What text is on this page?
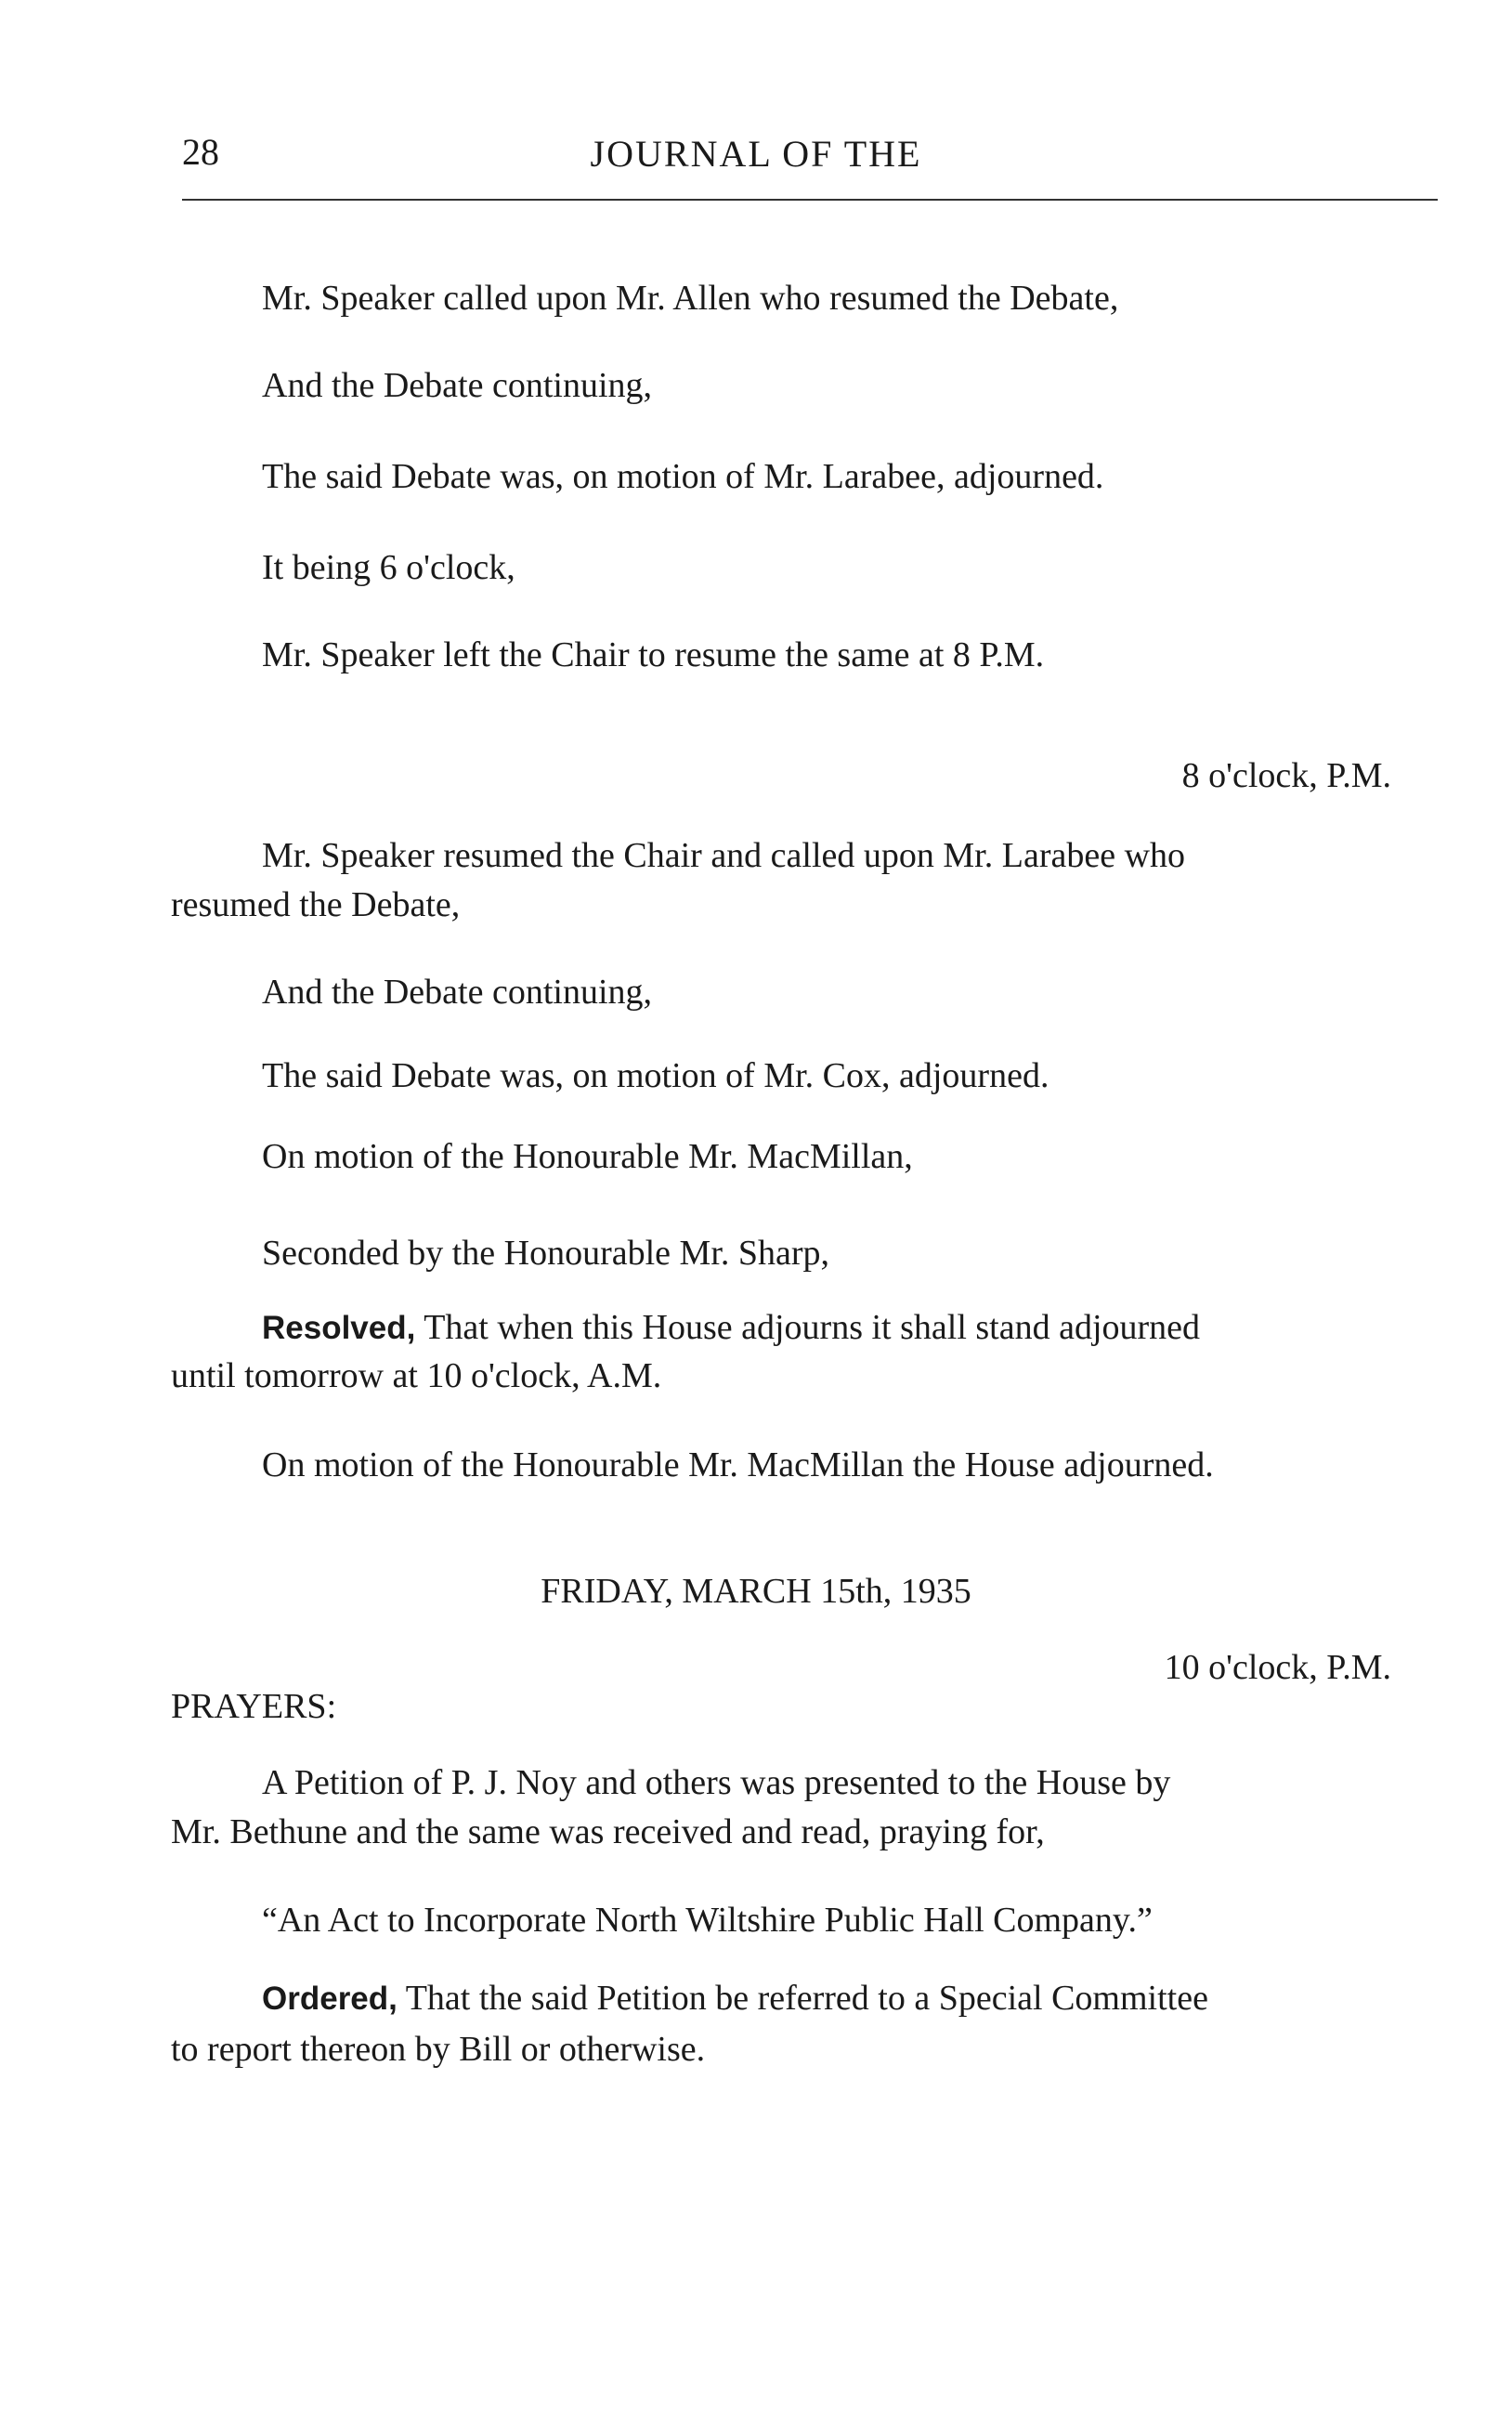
28	JOURNAL OF THE
Mr. Speaker called upon Mr. Allen who resumed the Debate,
And the Debate continuing,
The said Debate was, on motion of Mr. Larabee, adjourned.
It being 6 o'clock,
Mr. Speaker left the Chair to resume the same at 8 P.M.
8 o'clock, P.M.
Mr. Speaker resumed the Chair and called upon Mr. Larabee who
resumed the Debate,
And the Debate continuing,
The said Debate was, on motion of Mr. Cox, adjourned.
On motion of the Honourable Mr. MacMillan,
Seconded by the Honourable Mr. Sharp,
Resolved, That when this House adjourns it shall stand adjourned
until tomorrow at 10 o'clock, A.M.
On motion of the Honourable Mr. MacMillan the House adjourned.
FRIDAY, MARCH 15th, 1935
10 o'clock, P.M.
PRAYERS:
A Petition of P. J. Noy and others was presented to the House by
Mr. Bethune and the same was received and read, praying for,
“An Act to Incorporate North Wiltshire Public Hall Company.”
Ordered, That the said Petition be referred to a Special Committee
to report thereon by Bill or otherwise.
